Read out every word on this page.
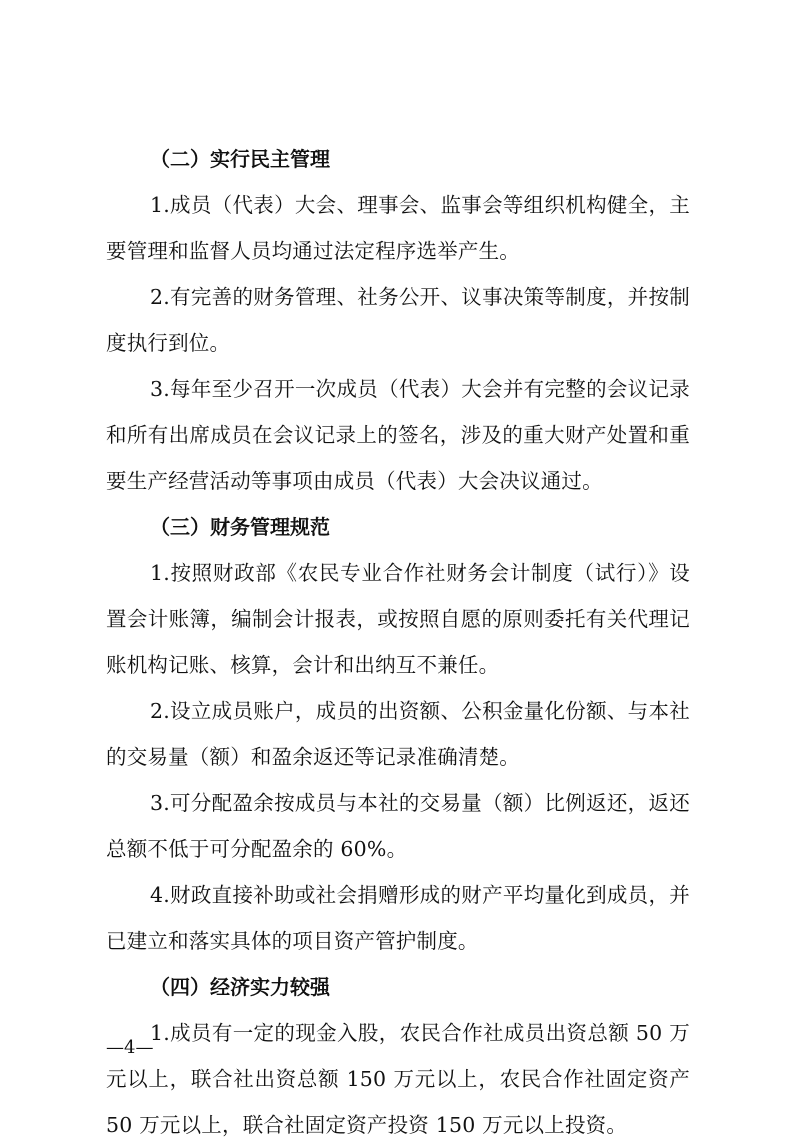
（二）实行民主管理
1.成员（代表）大会、理事会、监事会等组织机构健全，主要管理和监督人员均通过法定程序选举产生。
2.有完善的财务管理、社务公开、议事决策等制度，并按制度执行到位。
3.每年至少召开一次成员（代表）大会并有完整的会议记录和所有出席成员在会议记录上的签名，涉及的重大财产处置和重要生产经营活动等事项由成员（代表）大会决议通过。
（三）财务管理规范
1.按照财政部《农民专业合作社财务会计制度（试行）》设置会计账簿，编制会计报表，或按照自愿的原则委托有关代理记账机构记账、核算，会计和出纳互不兼任。
2.设立成员账户，成员的出资额、公积金量化份额、与本社的交易量（额）和盈余返还等记录准确清楚。
3.可分配盈余按成员与本社的交易量（额）比例返还，返还总额不低于可分配盈余的 60%。
4.财政直接补助或社会捐赠形成的财产平均量化到成员，并已建立和落实具体的项目资产管护制度。
（四）经济实力较强
1.成员有一定的现金入股，农民合作社成员出资总额 50 万元以上，联合社出资总额 150 万元以上，农民合作社固定资产 50 万元以上，联合社固定资产投资 150 万元以上投资。
—4—
